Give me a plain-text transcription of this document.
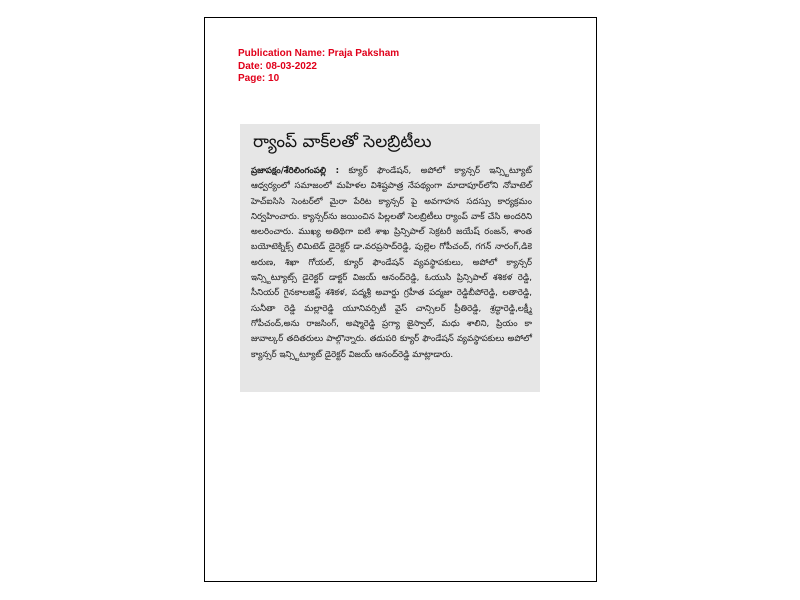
Publication Name: Praja Paksham
Date: 08-03-2022
Page: 10
ర్యాంప్ వాక్‌లతో సెలబ్రిటీలు

ప్రజాపక్షం/శేరిలింగంపల్లి : క్యూర్ ఫౌండేషన్, అపోలో క్యాన్సర్ ఇన్స్టిట్యూట్ ఆధ్వర్యంలో సమాజంలో మహిళల విశిష్టపాత్ర నేపథ్యంగా మాదాపూర్‌లోని నోవాటెల్ హెచ్ఐసిసి సెంటర్‌లో మైరా పేరిట క్యాన్సర్ పై అవగాహన సదస్సు కార్యక్రమం నిర్వహించారు. క్యాన్సర్‌ను జయించిన పిల్లలతో సెలబ్రిటీలు ర్యాంప్ వాక్ చేసి అందరిని అలరించారు. ముఖ్య అతిథిగా ఐటి శాఖ ప్రిన్సిపాల్ సెక్రటరీ జయేష్ రంజన్, శాంత బయోటెక్నిక్స్ లిమిటెడ్ డైరెక్టర్ డా.వరప్రసాద్‌రెడ్డి, పుల్లెల గోపీచంద్, గగన్ నారంగ్,డికె అరుణ, శిఖా గోయల్, క్యూర్ ఫౌండేషన్ వ్యవస్థాపకులు, అపోలో క్యాన్సర్ ఇన్స్టిట్యూట్స్ డైరెక్టర్ డాక్టర్ విజయ్ ఆనంద్‌రెడ్డి, ఓయుసి ప్రిన్సిపాల్ శశికళ రెడ్డి, సీనియర్ గైనకాలజిస్ట్ శశికళ, పద్మశ్రీ అవార్డు గ్రహీత పద్మజా రెడ్డిబీపోరెడ్డి, లతారెడ్డి, సునీతా రెడ్డి మల్లారెడ్డి యూనివర్సిటీ వైస్ చాన్సిలర్ ప్రీతిరెడ్డి, శ్రద్ధారెడ్డి,లక్ష్మీ గోపీచంద్,అను రాజసింగ్, అష్మారెడ్డి ప్రగ్యా జైస్వాల్, మధు శాలిని, ప్రియం కా జువాల్కర్ తదితరులు పాల్గొన్నారు. తదుపరి క్యూర్ ఫౌండేషన్ వ్యవస్థాపకులు అపోలో క్యాన్సర్ ఇన్స్టిట్యూట్ డైరెక్టర్ విజయ్ ఆనంద్‌రెడ్డి మాట్లాడారు.
